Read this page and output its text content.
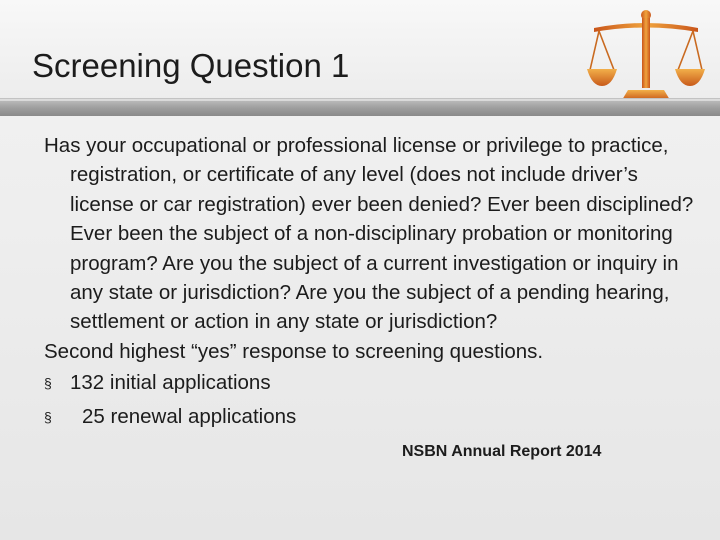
Screening Question 1

Has your occupational or professional license or privilege to practice, registration, or certificate of any level (does not include driver’s license or car registration) ever been denied? Ever been disciplined? Ever been the subject of a non-disciplinary probation or monitoring program? Are you the subject of a current investigation or inquiry in any state or jurisdiction? Are you the subject of a pending hearing, settlement or action in any state or jurisdiction?

Second highest “yes” response to screening questions.

§ 132 initial applications
§ 25 renewal applications
NSBN Annual Report 2014
